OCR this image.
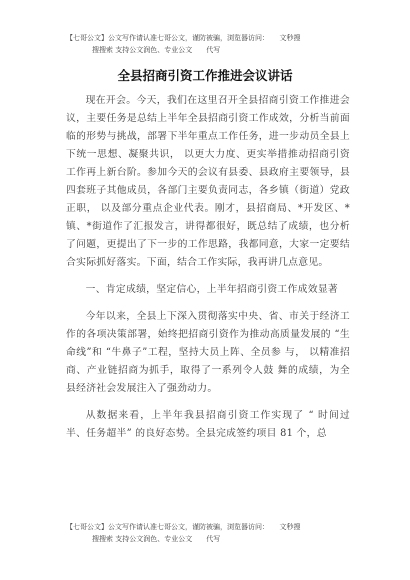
【七哥公文】公文写作请认准七哥公文，谨防被骗，浏览器访问：　　文秒搜
搜搜索 支持公文润色、专业公文　　代写
全县招商引资工作推进会议讲话

现在开会。今天，我们在这里召开全县招商引资工作推进会议，主要任务是总结上半年全县招商引资工作成效，分析当前面临的形势与挑战，部署下半年重点工作任务，进一步动员全县上下统一思想、凝聚共识， 以更大力度、更实举措推动招商引资工作再上新台阶。参加今天的会议有县委、县政府主要领导，县四套班子其他成员，各部门主要负责同志，各乡镇（街道）党政正职， 以及部分重点企业代表。刚才，县招商局、*开发区、*镇、*街道作了汇报发言，讲得都很好，既总结了成绩，也分析了问题，更提出了下一步的工作思路，我都同意，大家一定要结合实际抓好落实。下面，结合工作实际，我再讲几点意见。

一、肯定成绩，坚定信心，上半年招商引资工作成效显著

今年以来，全县上下深入贯彻落实中央、省、市关于经济工作的各项决策部署，始终把招商引资作为推动高质量发展的 “生命线”和 “牛鼻子”工程，坚持大员上阵、全员参 与， 以精准招商、产业链招商为抓手，取得了一系列令人鼓 舞的成绩，为全县经济社会发展注入了强劲动力。

从数据来看，上半年我县招商引资工作实现了 “ 时间过 半、任务超半” 的良好态势。全县完成签约项目 81 个，总

【七哥公文】公文写作请认准七哥公文，谨防被骗，浏览器访问：　　文秒搜
搜搜索 支持公文润色、专业公文　　代写
